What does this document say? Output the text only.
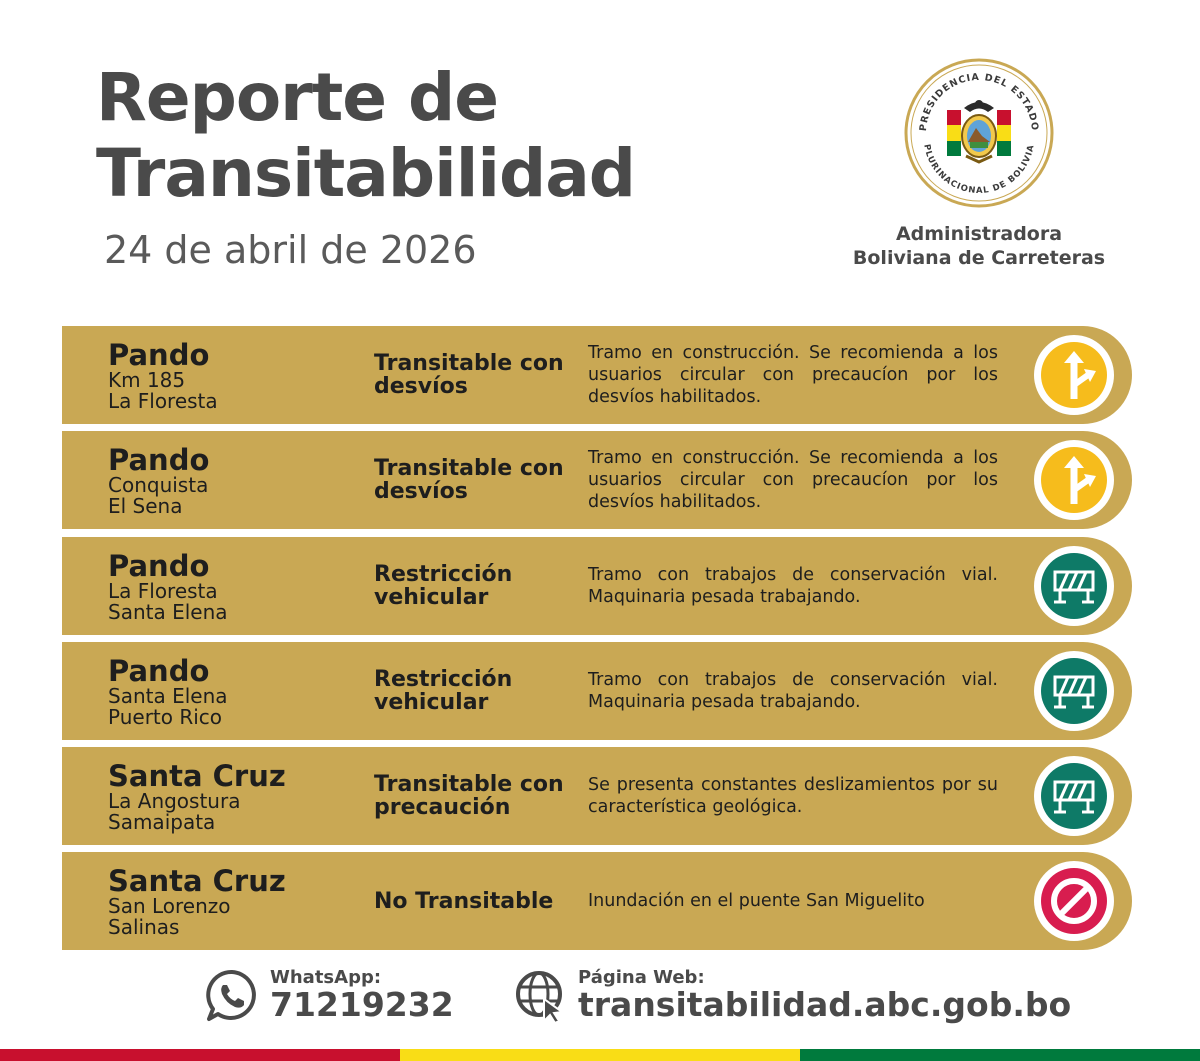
Reporte de
Transitabilidad
24 de abril de 2026
PRESIDENCIA DEL ESTADO
PLURINACIONAL DE BOLIVIA
Administradora
Boliviana de Carreteras
Pando
Km 185
La Floresta
Transitable con desvíos
Tramo en construcción. Se recomienda a los usuarios circular con precaucíon por los desvíos habilitados.
Pando
Conquista
El Sena
Transitable con desvíos
Tramo en construcción. Se recomienda a los usuarios circular con precaucíon por los desvíos habilitados.
Pando
La Floresta
Santa Elena
Restricción vehicular
Tramo con trabajos de conservación vial. Maquinaria pesada trabajando.
Pando
Santa Elena
Puerto Rico
Restricción vehicular
Tramo con trabajos de conservación vial. Maquinaria pesada trabajando.
Santa Cruz
La Angostura
Samaipata
Transitable con precaución
Se presenta constantes deslizamientos por su característica geológica.
Santa Cruz
San Lorenzo
Salinas
No Transitable	Inundación en el puente San Miguelito
WhatsApp:
71219232
Página Web:
transitabilidad.abc.gob.bo
